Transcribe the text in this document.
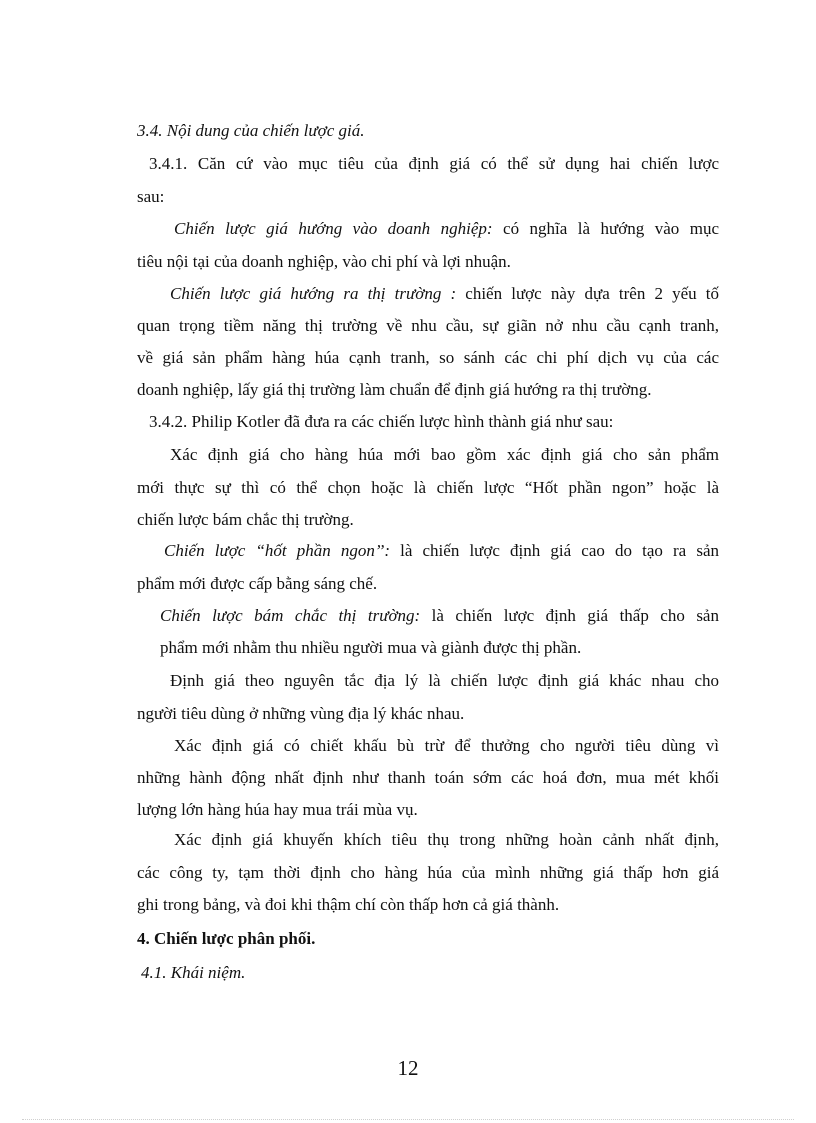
3.4. Nội dung của chiến lược giá.
3.4.1. Căn cứ vào mục tiêu của định giá có thể sử dụng hai chiến lược
sau:
Chiến lược giá hướng vào doanh nghiệp: có nghĩa là hướng vào mục
tiêu nội tại của doanh nghiệp, vào chi phí và lợi nhuận.
Chiến lược giá hướng ra thị trường : chiến lược này dựa trên 2 yếu tố
quan trọng tiềm năng thị trường về nhu cầu, sự giãn nở nhu cầu cạnh tranh,
về giá sản phẩm hàng húa cạnh tranh, so sánh các chi phí dịch vụ của các
doanh nghiệp, lấy giá thị trường làm chuẩn để định giá hướng ra thị trường.
3.4.2. Philip Kotler đã đưa ra các chiến lược hình thành giá như sau:
Xác định giá cho hàng húa mới bao gồm xác định giá cho sản phẩm
mới thực sự thì có thể chọn hoặc là chiến lược “Hốt phần ngon” hoặc là
chiến lược bám chắc thị trường.
Chiến lược “hốt phần ngon’’: là chiến lược định giá cao do tạo ra sản
phẩm mới được cấp bằng sáng chế.
Chiến lược bám chắc thị trường: là chiến lược định giá thấp cho sản
phẩm mới nhằm thu nhiều người mua và giành được thị phần.
Định giá theo nguyên tắc địa lý là chiến lược định giá khác nhau cho
người tiêu dùng ở những vùng địa lý khác nhau.
Xác định giá có chiết khấu bù trừ để thưởng cho người tiêu dùng vì
những hành động nhất định như thanh toán sớm các hoá đơn, mua mét khối
lượng lớn hàng húa hay mua trái mùa vụ.
Xác định giá khuyến khích tiêu thụ trong những hoàn cảnh nhất định,
các công ty, tạm thời định cho hàng húa của mình những giá thấp hơn giá
ghi trong bảng, và đoi khi thậm chí còn thấp hơn cả giá thành.
4. Chiến lược phân phối.
4.1. Khái niệm.
12
